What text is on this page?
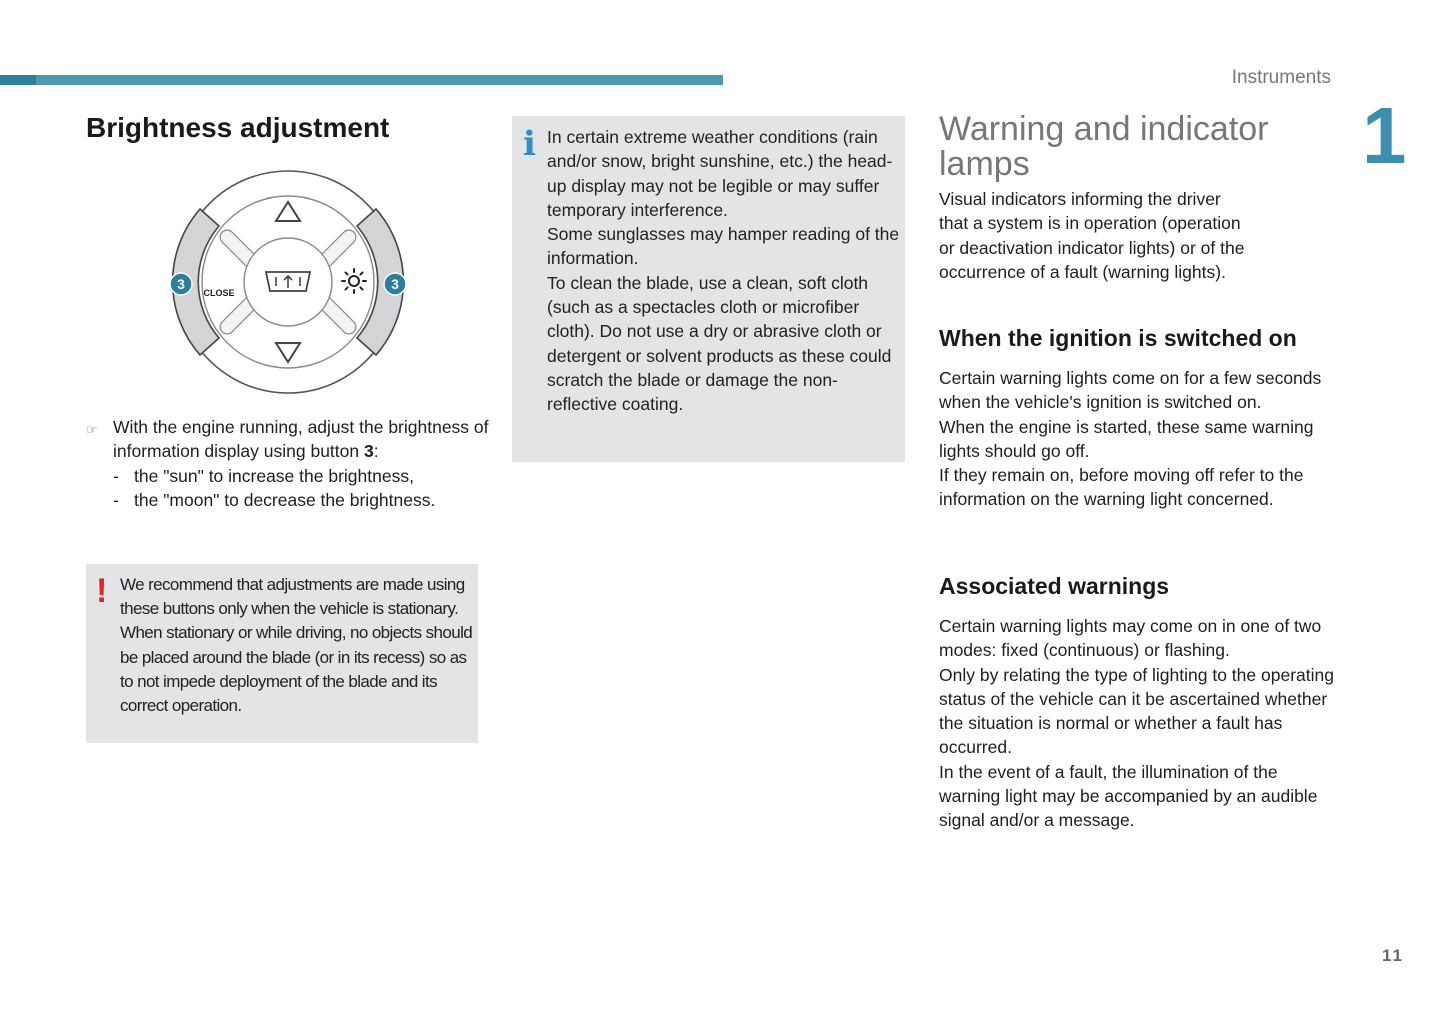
Instruments
1
11
Brightness adjustment
CLOSE
3	3
☞ With the engine running, adjust the brightness of information display using button 3:

- the "sun" to increase the brightness,
- the "moon" to decrease the brightness.
! We recommend that adjustments are made using these buttons only when the vehicle is stationary.
When stationary or while driving, no objects should be placed around the blade (or in its recess) so as to not impede deployment of the blade and its correct operation.

i In certain extreme weather conditions (rain and/or snow, bright sunshine, etc.) the head-up display may not be legible or may suffer temporary interference.
Some sunglasses may hamper reading of the information.
To clean the blade, use a clean, soft cloth (such as a spectacles cloth or microfiber cloth). Do not use a dry or abrasive cloth or detergent or solvent products as these could scratch the blade or damage the non-reflective coating.

Warning and indicator lamps

Visual indicators informing the driver
that a system is in operation (operation
or deactivation indicator lights) or of the
occurrence of a fault (warning lights).

When the ignition is switched on

Certain warning lights come on for a few seconds when the vehicle's ignition is switched on.
When the engine is started, these same warning lights should go off.
If they remain on, before moving off refer to the information on the warning light concerned.

Associated warnings

Certain warning lights may come on in one of two modes: fixed (continuous) or flashing.
Only by relating the type of lighting to the operating status of the vehicle can it be ascertained whether the situation is normal or whether a fault has occurred.
In the event of a fault, the illumination of the warning light may be accompanied by an audible signal and/or a message.
